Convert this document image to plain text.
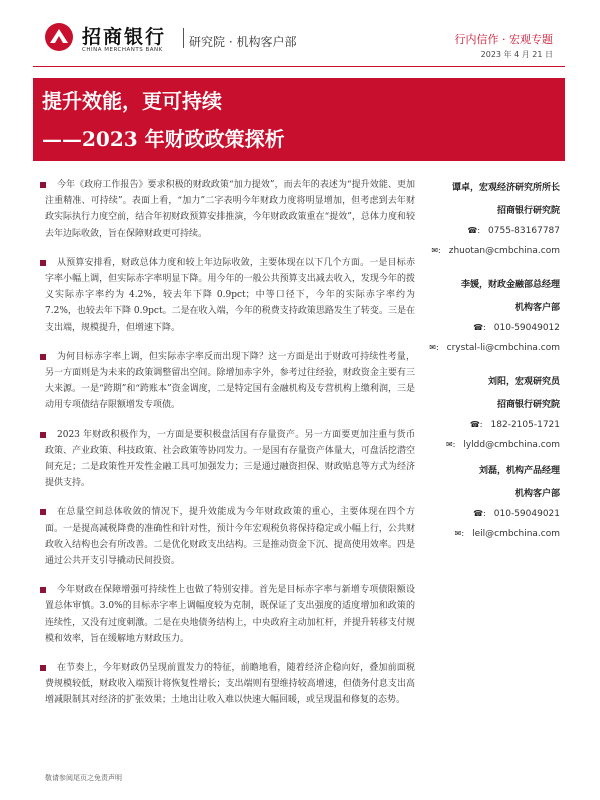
招商银行
CHINA MERCHANTS BANK
研究院 · 机构客户部	行内信作 · 宏观专题
2023 年 4 月 21 日
提升效能，更可持续
——2023 年财政政策探析
今年《政府工作报告》要求积极的财政政策“加力提效”，而去年的表述为“提升效能、更加注重精准、可持续”。表面上看，“加力”二字表明今年财政力度将明显增加，但考虑到去年财政实际执行力度空前，结合年初财政预算安排推演，今年财政政策重在“提效”，总体力度和较去年边际收敛，旨在保障财政更可持续。
从预算安排看，财政总体力度和较上年边际收敛，主要体现在以下几个方面。一是目标赤字率小幅上调，但实际赤字率明显下降。用今年的一般公共预算支出减去收入，发现今年的拨义实际赤字率约为 4.2%，较去年下降 0.9pct；中等口径下，今年的实际赤字率约为 7.2%，也较去年下降 0.9pct。二是在收入端，今年的税费支持政策思路发生了转变。三是在支出端，规模提升，但增速下降。
为何目标赤字率上调，但实际赤字率反而出现下降？这一方面是出于财政可持续性考量，另一方面则是为未来的政策调整留出空间。除增加赤字外，参考过往经验，财政资金主要有三大来源。一是“跨期”和“跨账本”资金调度，二是特定国有金融机构及专营机构上缴利润，三是动用专项债结存限额增发专项债。
2023 年财政积极作为，一方面是要积极盘活国有存量资产。另一方面要更加注重与货币政策、产业政策、科技政策、社会政策等协同发力。一是国有存量资产体量大，可盘活挖潜空间充足；二是政策性开发性金融工具可加强发力；三是通过融资担保、财政贴息等方式为经济提供支持。
在总量空间总体收敛的情况下，提升效能成为今年财政政策的重心，主要体现在四个方面。一是提高减税降费的准确性和针对性，预计今年宏观税负将保持稳定或小幅上行，公共财政收入结构也会有所改善。二是优化财政支出结构。三是推动资金下沉、提高使用效率。四是通过公共开支引导撬动民间投资。
今年财政在保障增强可持续性上也做了特别安排。首先是目标赤字率与新增专项债限额设置总体审慎。3.0%的目标赤字率上调幅度较为克制，既保证了支出强度的适度增加和政策的连续性，又没有过度刺激。二是在央地债务结构上，中央政府主动加杠杆，并提升转移支付规模和效率，旨在缓解地方财政压力。
在节奏上，今年财政仍呈现前置发力的特征，前瞻地看，随着经济企稳向好，叠加前面税费规模较低，财政收入端预计将恢复性增长；支出端则有望维持较高增速，但债务付息支出高增减限制其对经济的扩张效果；土地出让收入难以快速大幅回暖，或呈现温和修复的态势。
谭卓，宏观经济研究所所长
招商银行研究院
☎: 0755-83167787
✉: zhuotan@cmbchina.com
李媛，财政金融部总经理
机构客户部
☎: 010-59049012
✉: crystal-li@cmbchina.com
刘阳，宏观研究员
招商银行研究院
☎: 182-2105-1721
✉: lyldd@cmbchina.com
刘磊，机构产品经理
机构客户部
☎: 010-59049021
✉: leil@cmbchina.com
敬请参阅尾页之免责声明
